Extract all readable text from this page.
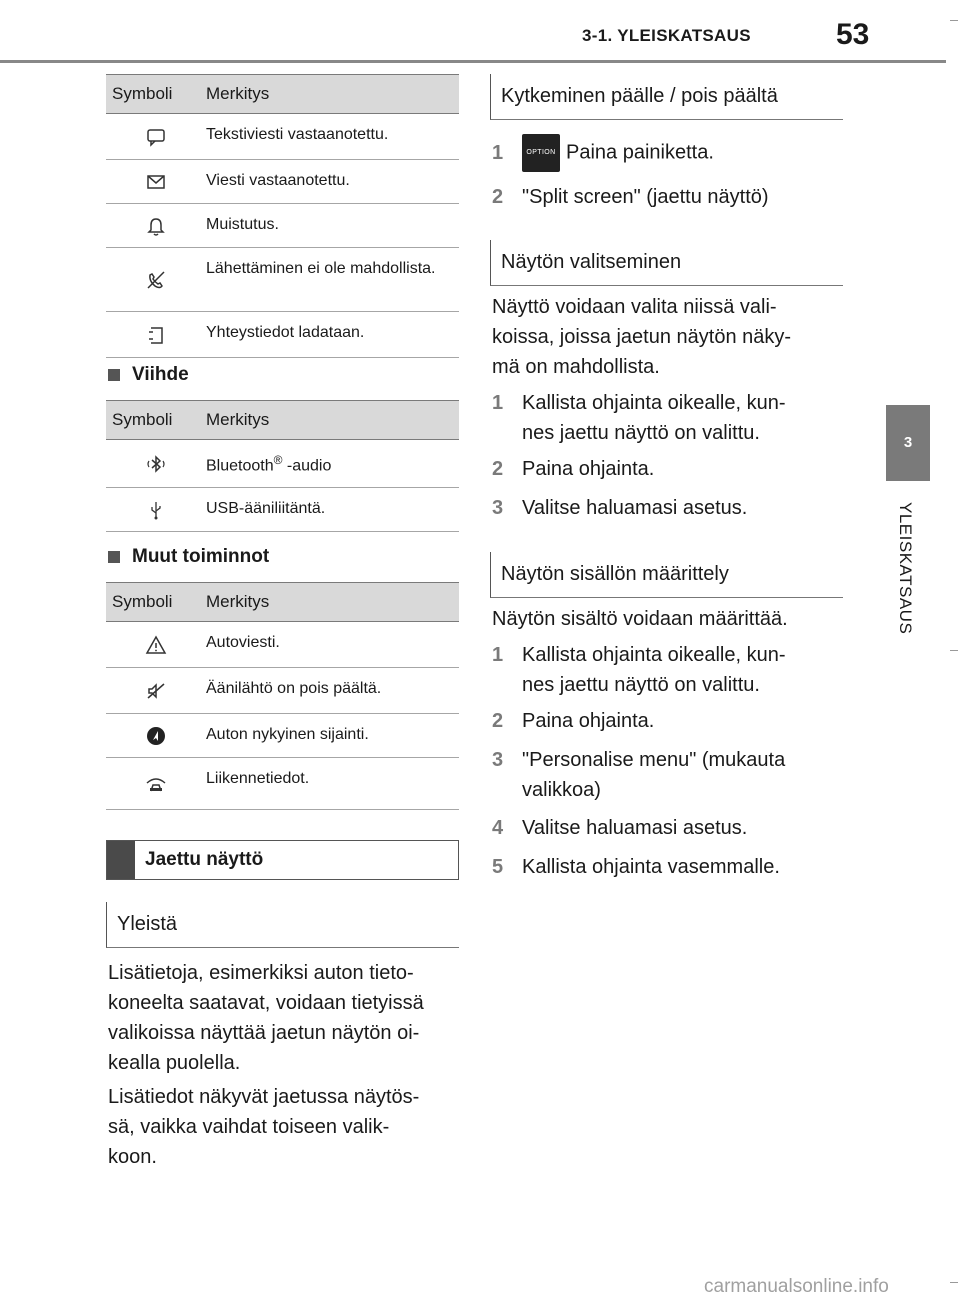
3-1. YLEISKATSAUS	53
3
YLEISKATSAUS
Symboli	Merkitys
Tekstiviesti vastaanotettu.
Viesti vastaanotettu.
Muistutus.
Lähettäminen ei ole mahdollista.
Yhteystiedot ladataan.
Viihde
Symboli	Merkitys
Bluetooth® -audio
USB-ääniliitäntä.
Muut toiminnot
Symboli	Merkitys
Autoviesti.
Äänilähtö on pois päältä.
Auton nykyinen sijainti.
Liikennetiedot.
Jaettu näyttö
Yleistä
Lisätietoja, esimerkiksi auton tieto-
koneelta saatavat, voidaan tietyissä
valikoissa näyttää jaetun näytön oi-
kealla puolella.
Lisätiedot näkyvät jaetussa näytös-
sä, vaikka vaihdat toiseen valik-
koon.
Kytkeminen päälle / pois päältä
1	OPTION Paina painiketta.
2 "Split screen" (jaettu näyttö)
Näytön valitseminen
Näyttö voidaan valita niissä vali-
koissa, joissa jaetun näytön näky-
mä on mahdollista.
1 Kallista ohjainta oikealle, kun-
nes jaettu näyttö on valittu.
2 Paina ohjainta.
3 Valitse haluamasi asetus.
Näytön sisällön määrittely
Näytön sisältö voidaan määrittää.
1 Kallista ohjainta oikealle, kun-
nes jaettu näyttö on valittu.
2 Paina ohjainta.
3 "Personalise menu" (mukauta
valikkoa)
4 Valitse haluamasi asetus.
5 Kallista ohjainta vasemmalle.
carmanualsonline.info
